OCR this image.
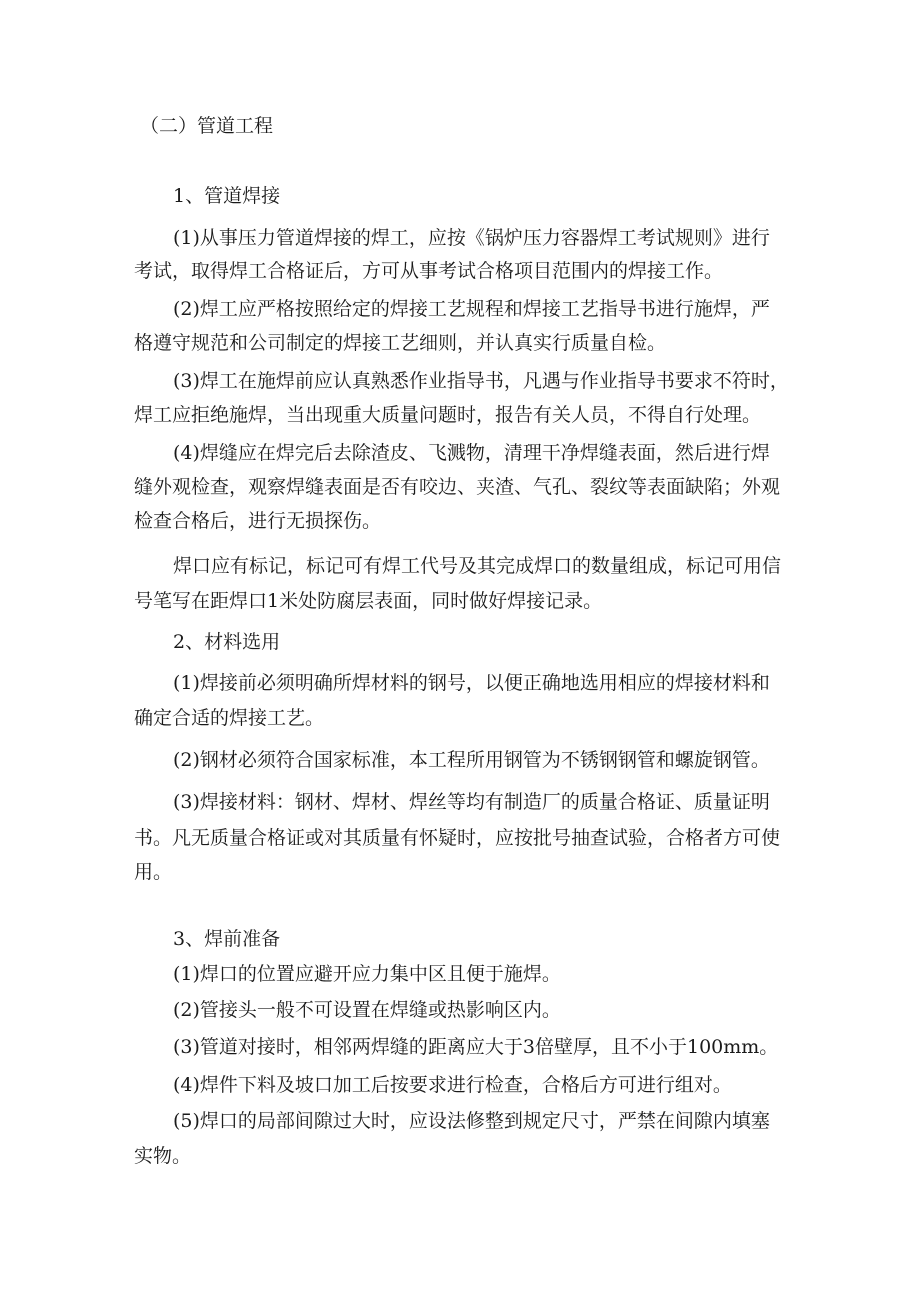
（二）管道工程
1、管道焊接
(1)从事压力管道焊接的焊工，应按《锅炉压力容器焊工考试规则》进行
考试，取得焊工合格证后，方可从事考试合格项目范围内的焊接工作。
(2)焊工应严格按照给定的焊接工艺规程和焊接工艺指导书进行施焊，严
格遵守规范和公司制定的焊接工艺细则，并认真实行质量自检。
(3)焊工在施焊前应认真熟悉作业指导书，凡遇与作业指导书要求不符时，
焊工应拒绝施焊，当出现重大质量问题时，报告有关人员，不得自行处理。
(4)焊缝应在焊完后去除渣皮、飞溅物，清理干净焊缝表面，然后进行焊
缝外观检查，观察焊缝表面是否有咬边、夹渣、气孔、裂纹等表面缺陷；外观
检查合格后，进行无损探伤。
焊口应有标记，标记可有焊工代号及其完成焊口的数量组成，标记可用信
号笔写在距焊口1米处防腐层表面，同时做好焊接记录。
2、材料选用
(1)焊接前必须明确所焊材料的钢号，以便正确地选用相应的焊接材料和
确定合适的焊接工艺。
(2)钢材必须符合国家标准，本工程所用钢管为不锈钢钢管和螺旋钢管。
(3)焊接材料：钢材、焊材、焊丝等均有制造厂的质量合格证、质量证明
书。凡无质量合格证或对其质量有怀疑时，应按批号抽查试验，合格者方可使
用。
3、焊前准备
(1)焊口的位置应避开应力集中区且便于施焊。
(2)管接头一般不可设置在焊缝或热影响区内。
(3)管道对接时，相邻两焊缝的距离应大于3倍壁厚，且不小于100mm。
(4)焊件下料及坡口加工后按要求进行检查，合格后方可进行组对。
(5)焊口的局部间隙过大时，应设法修整到规定尺寸，严禁在间隙内填塞
实物。
